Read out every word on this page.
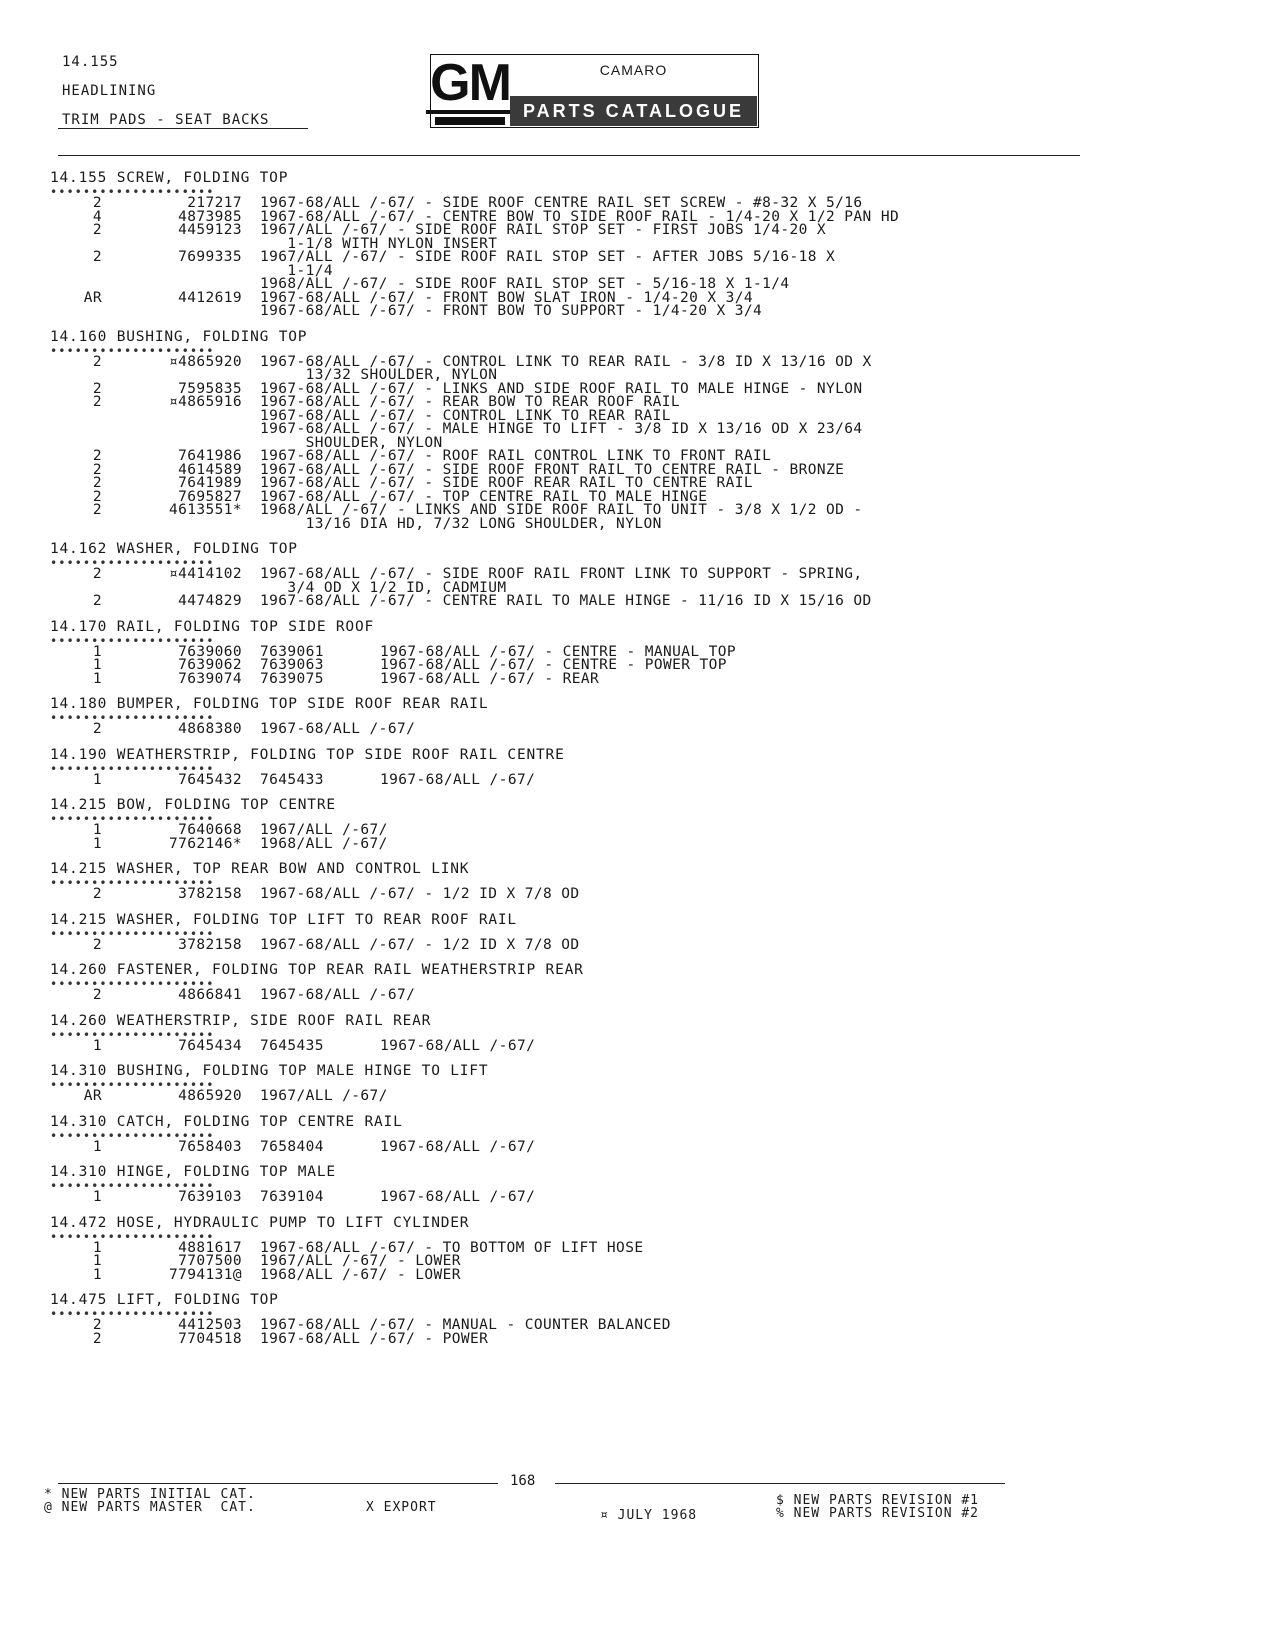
14.155
HEADLINING
TRIM PADS - SEAT BACKS
GM	CAMARO
PARTS CATALOGUE
14.155 SCREW, FOLDING TOP
••••••••••••••••••••
2	217217 1967-68/ALL /-67/ - SIDE ROOF CENTRE RAIL SET SCREW - #8-32 X 5/16
4	4873985 1967-68/ALL /-67/ - CENTRE BOW TO SIDE ROOF RAIL - 1/4-20 X 1/2 PAN HD
2	4459123 1967/ALL /-67/ - SIDE ROOF RAIL STOP SET - FIRST JOBS 1/4-20 X
1-1/8 WITH NYLON INSERT
2	7699335 1967/ALL /-67/ - SIDE ROOF RAIL STOP SET - AFTER JOBS 5/16-18 X
1-1/4
1968/ALL /-67/ - SIDE ROOF RAIL STOP SET - 5/16-18 X 1-1/4
AR	4412619 1967-68/ALL /-67/ - FRONT BOW SLAT IRON - 1/4-20 X 3/4
1967-68/ALL /-67/ - FRONT BOW TO SUPPORT - 1/4-20 X 3/4
14.160 BUSHING, FOLDING TOP
••••••••••••••••••••
2	¤4865920 1967-68/ALL /-67/ - CONTROL LINK TO REAR RAIL - 3/8 ID X 13/16 OD X
13/32 SHOULDER, NYLON
2	7595835 1967-68/ALL /-67/ - LINKS AND SIDE ROOF RAIL TO MALE HINGE - NYLON
2	¤4865916 1967-68/ALL /-67/ - REAR BOW TO REAR ROOF RAIL
1967-68/ALL /-67/ - CONTROL LINK TO REAR RAIL
1967-68/ALL /-67/ - MALE HINGE TO LIFT - 3/8 ID X 13/16 OD X 23/64
SHOULDER, NYLON
2	7641986 1967-68/ALL /-67/ - ROOF RAIL CONTROL LINK TO FRONT RAIL
2	4614589 1967-68/ALL /-67/ - SIDE ROOF FRONT RAIL TO CENTRE RAIL - BRONZE
2	7641989 1967-68/ALL /-67/ - SIDE ROOF REAR RAIL TO CENTRE RAIL
2	7695827 1967-68/ALL /-67/ - TOP CENTRE RAIL TO MALE HINGE
2	4613551* 1968/ALL /-67/ - LINKS AND SIDE ROOF RAIL TO UNIT - 3/8 X 1/2 OD -
13/16 DIA HD, 7/32 LONG SHOULDER, NYLON
14.162 WASHER, FOLDING TOP
••••••••••••••••••••
2	¤4414102 1967-68/ALL /-67/ - SIDE ROOF RAIL FRONT LINK TO SUPPORT - SPRING,
3/4 OD X 1/2 ID, CADMIUM
2	4474829 1967-68/ALL /-67/ - CENTRE RAIL TO MALE HINGE - 11/16 ID X 15/16 OD
14.170 RAIL, FOLDING TOP SIDE ROOF
••••••••••••••••••••
1	7639060 7639061	1967-68/ALL /-67/ - CENTRE - MANUAL TOP
1	7639062 7639063	1967-68/ALL /-67/ - CENTRE - POWER TOP
1	7639074 7639075	1967-68/ALL /-67/ - REAR
14.180 BUMPER, FOLDING TOP SIDE ROOF REAR RAIL
••••••••••••••••••••
2	4868380 1967-68/ALL /-67/
14.190 WEATHERSTRIP, FOLDING TOP SIDE ROOF RAIL CENTRE
••••••••••••••••••••
1	7645432 7645433	1967-68/ALL /-67/
14.215 BOW, FOLDING TOP CENTRE
••••••••••••••••••••
1	7640668 1967/ALL /-67/
1	7762146* 1968/ALL /-67/
14.215 WASHER, TOP REAR BOW AND CONTROL LINK
••••••••••••••••••••
2	3782158 1967-68/ALL /-67/ - 1/2 ID X 7/8 OD
14.215 WASHER, FOLDING TOP LIFT TO REAR ROOF RAIL
••••••••••••••••••••
2	3782158 1967-68/ALL /-67/ - 1/2 ID X 7/8 OD
14.260 FASTENER, FOLDING TOP REAR RAIL WEATHERSTRIP REAR
••••••••••••••••••••
2	4866841 1967-68/ALL /-67/
14.260 WEATHERSTRIP, SIDE ROOF RAIL REAR
••••••••••••••••••••
1	7645434 7645435	1967-68/ALL /-67/
14.310 BUSHING, FOLDING TOP MALE HINGE TO LIFT
••••••••••••••••••••
AR	4865920 1967/ALL /-67/
14.310 CATCH, FOLDING TOP CENTRE RAIL
••••••••••••••••••••
1	7658403 7658404	1967-68/ALL /-67/
14.310 HINGE, FOLDING TOP MALE
••••••••••••••••••••
1	7639103 7639104	1967-68/ALL /-67/
14.472 HOSE, HYDRAULIC PUMP TO LIFT CYLINDER
••••••••••••••••••••
1	4881617 1967-68/ALL /-67/ - TO BOTTOM OF LIFT HOSE
1	7707500 1967/ALL /-67/ - LOWER
1	7794131@ 1968/ALL /-67/ - LOWER
14.475 LIFT, FOLDING TOP
••••••••••••••••••••
2	4412503 1967-68/ALL /-67/ - MANUAL - COUNTER BALANCED
2	7704518 1967-68/ALL /-67/ - POWER
168
* NEW PARTS INITIAL CAT.
@ NEW PARTS MASTER  CAT.	X EXPORT
¤ JULY 1968
$ NEW PARTS REVISION #1
% NEW PARTS REVISION #2
